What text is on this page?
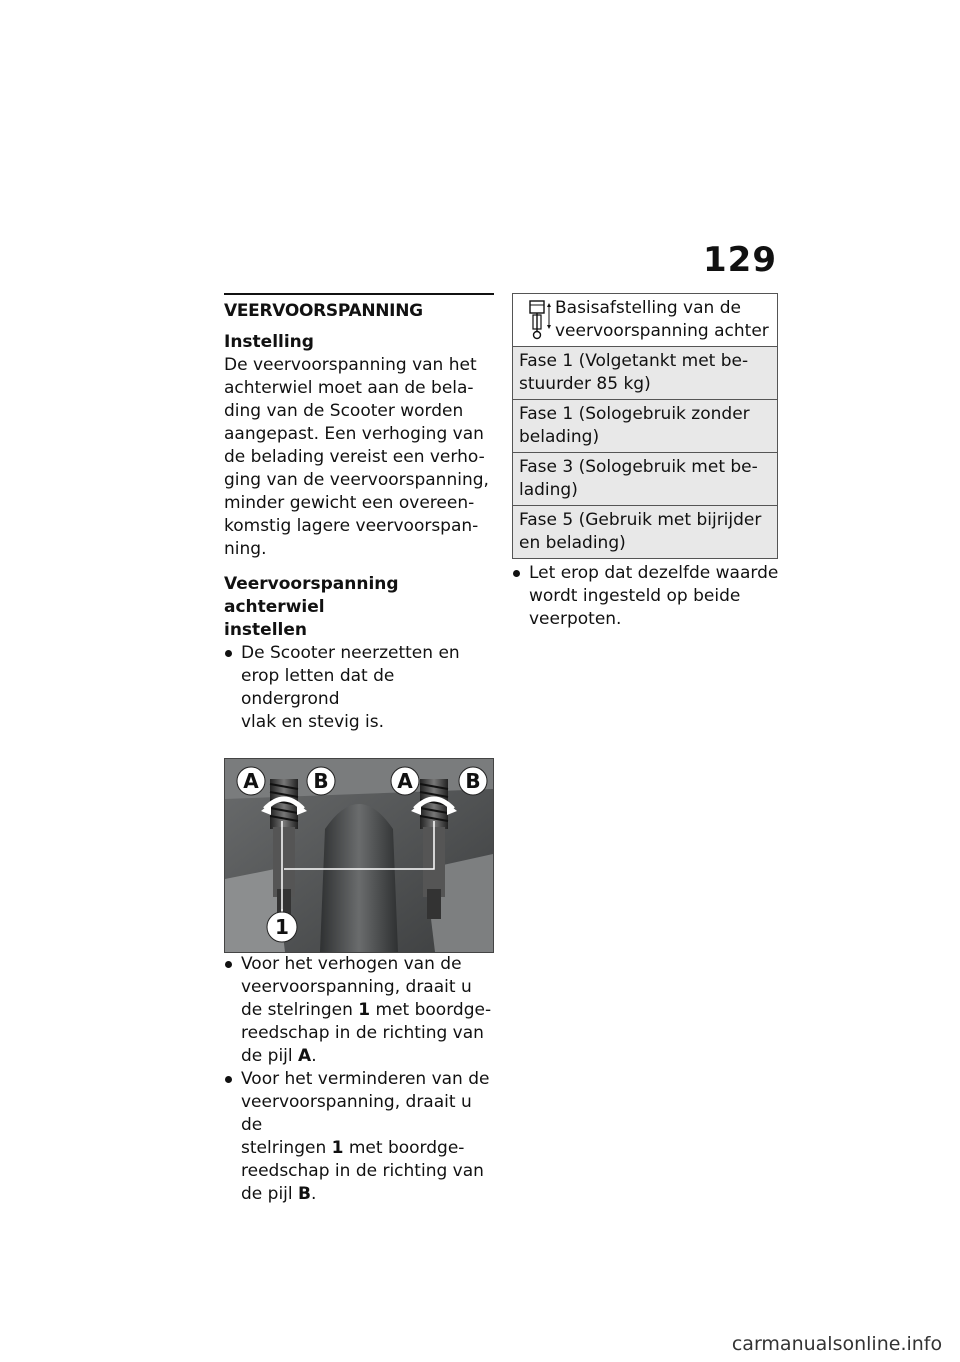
129
VEERVOORSPANNING
Instelling
De veervoorspanning van het
achterwiel moet aan de bela-
ding van de Scooter worden
aangepast. Een verhoging van
de belading vereist een verho-
ging van de veervoorspanning,
minder gewicht een overeen-
komstig lagere veervoorspan-
ning.
Veervoorspanning achterwiel
instellen
De Scooter neerzetten en
erop letten dat de ondergrond
vlak en stevig is.
A	B	A	B
1
Voor het verhogen van de
veervoorspanning, draait u
de stelringen 1 met boordge-
reedschap in de richting van
de pijl A.
Voor het verminderen van de
veervoorspanning, draait u de
stelringen 1 met boordge-
reedschap in de richting van
de pijl B.
Basisafstelling van de
veervoorspanning achter

Fase 1 (Volgetankt met be-
stuurder 85 kg)

Fase 1 (Sologebruik zonder
belading)

Fase 3 (Sologebruik met be-
lading)

Fase 5 (Gebruik met bijrijder
en belading)
Let erop dat dezelfde waarde
wordt ingesteld op beide
veerpoten.
carmanualsonline.info
